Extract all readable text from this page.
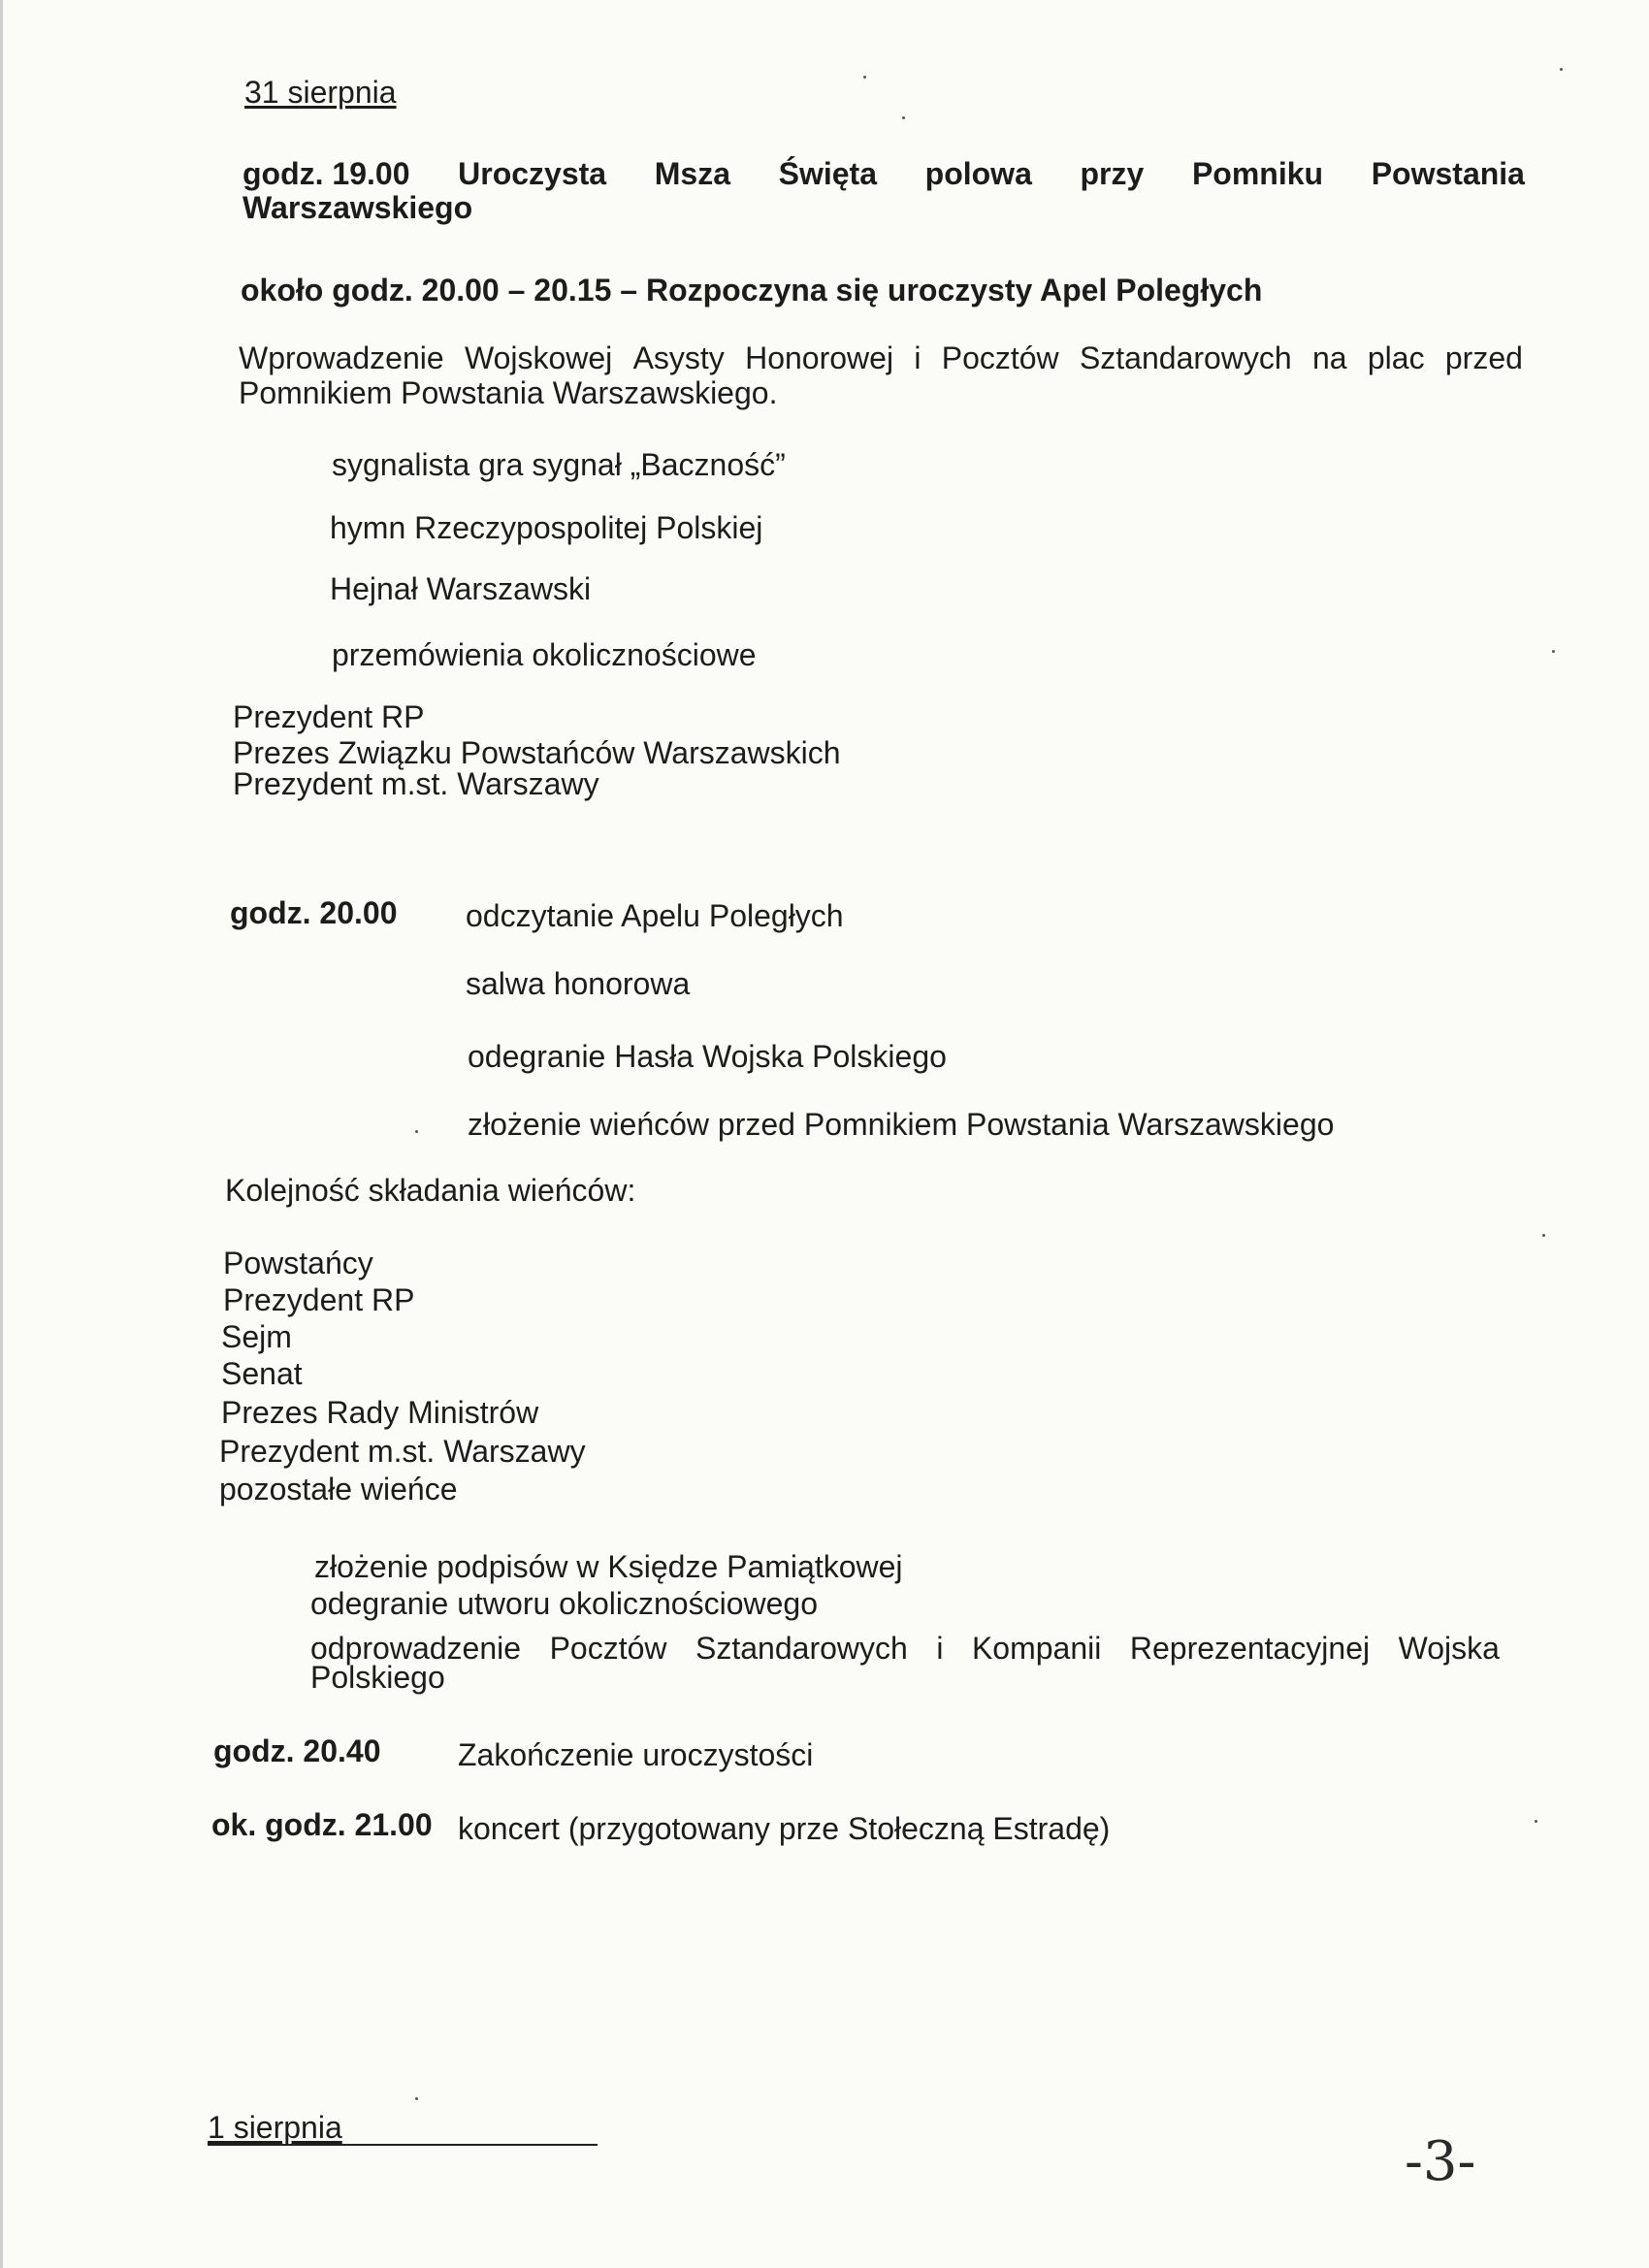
31 sierpnia
godz. 19.00 Uroczysta Msza Święta polowa przy Pomniku Powstania
Warszawskiego
około godz. 20.00 – 20.15 – Rozpoczyna się uroczysty Apel Poległych
Wprowadzenie Wojskowej Asysty Honorowej i Pocztów Sztandarowych na plac przed
Pomnikiem Powstania Warszawskiego.
sygnalista gra sygnał „Baczność”
hymn Rzeczypospolitej Polskiej
Hejnał Warszawski
przemówienia okolicznościowe
Prezydent RP
Prezes Związku Powstańców Warszawskich
Prezydent m.st. Warszawy
godz. 20.00 odczytanie Apelu Poległych
salwa honorowa
odegranie Hasła Wojska Polskiego
złożenie wieńców przed Pomnikiem Powstania Warszawskiego
Kolejność składania wieńców:
Powstańcy
Prezydent RP
Sejm
Senat
Prezes Rady Ministrów
Prezydent m.st. Warszawy
pozostałe wieńce
złożenie podpisów w Księdze Pamiątkowej
odegranie utworu okolicznościowego
odprowadzenie Pocztów Sztandarowych i Kompanii Reprezentacyjnej Wojska
Polskiego
godz. 20.40 Zakończenie uroczystości
ok. godz. 21.00 koncert (przygotowany prze Stołeczną Estradę)
1 sierpnia
-3-
